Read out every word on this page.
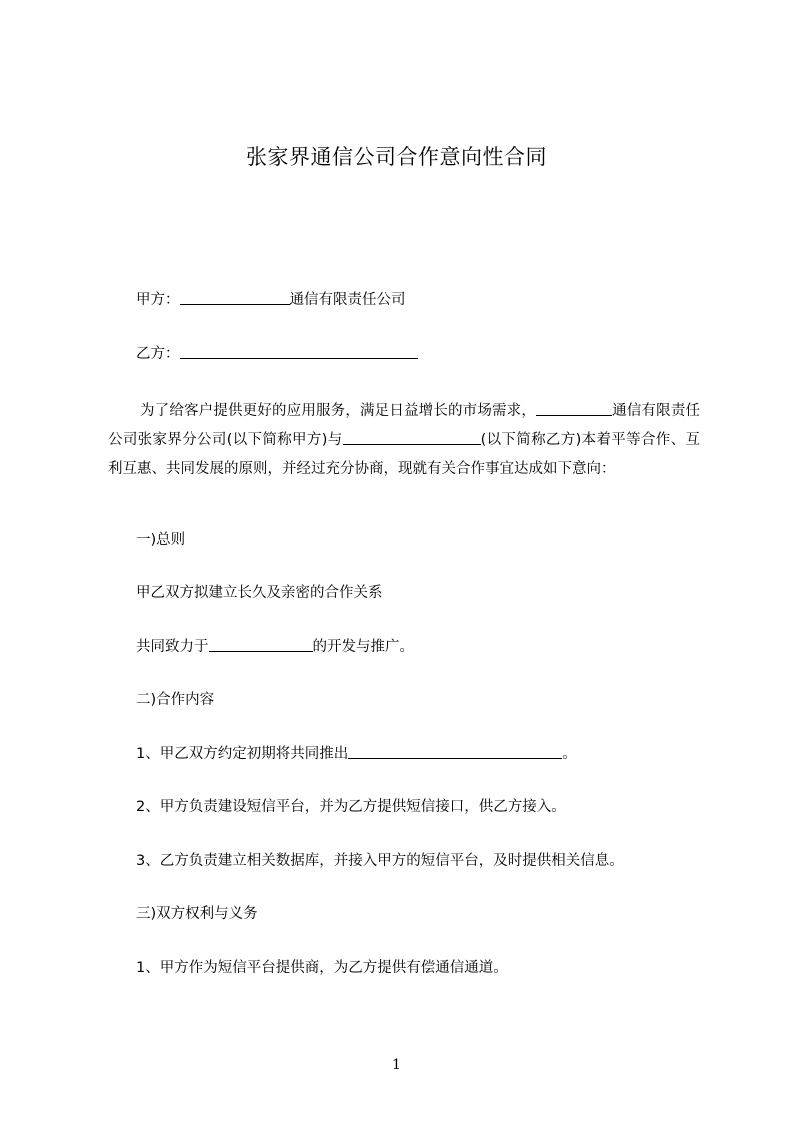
张家界通信公司合作意向性合同
甲方：	通信有限责任公司
乙方：
为了给客户提供更好的应用服务，满足日益增长的市场需求，	通信有限责任公司张家界分公司(以下简称甲方)与	(以下简称乙方)本着平等合作、互利互惠、共同发展的原则，并经过充分协商，现就有关合作事宜达成如下意向：
一)总则
甲乙双方拟建立长久及亲密的合作关系
共同致力于	的开发与推广。
二)合作内容
1、甲乙双方约定初期将共同推出	。
2、甲方负责建设短信平台，并为乙方提供短信接口，供乙方接入。
3、乙方负责建立相关数据库，并接入甲方的短信平台，及时提供相关信息。
三)双方权利与义务
1、甲方作为短信平台提供商，为乙方提供有偿通信通道。
1
